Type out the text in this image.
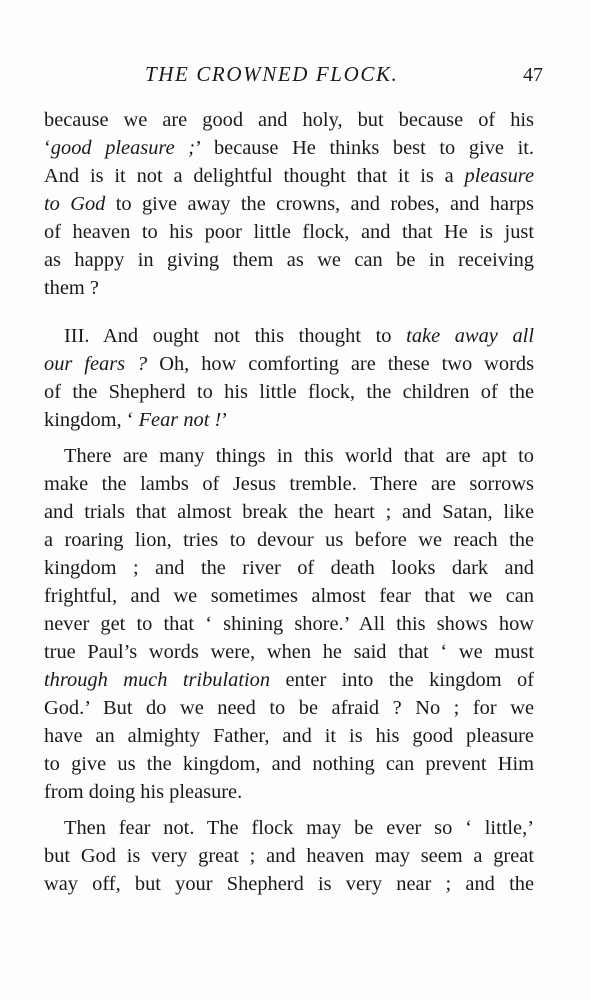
THE CROWNED FLOCK.	47

because we are good and holy, but because of his
‘good pleasure ;’ because He thinks best to give it.
And is it not a delightful thought that it is a pleasure
to God to give away the crowns, and robes, and harps
of heaven to his poor little flock, and that He is just
as happy in giving them as we can be in receiving
them ?

III. And ought not this thought to take away all
our fears ? Oh, how comforting are these two words
of the Shepherd to his little flock, the children of the
kingdom, ‘ Fear not !’

There are many things in this world that are apt to
make the lambs of Jesus tremble. There are sorrows
and trials that almost break the heart ; and Satan, like
a roaring lion, tries to devour us before we reach the
kingdom ; and the river of death looks dark and
frightful, and we sometimes almost fear that we can
never get to that ‘ shining shore.’ All this shows how
true Paul’s words were, when he said that ‘ we must
through much tribulation enter into the kingdom of
God.’ But do we need to be afraid ? No ; for we
have an almighty Father, and it is his good pleasure
to give us the kingdom, and nothing can prevent Him
from doing his pleasure.

Then fear not. The flock may be ever so ‘ little,’
but God is very great ; and heaven may seem a great
way off, but your Shepherd is very near ; and the
